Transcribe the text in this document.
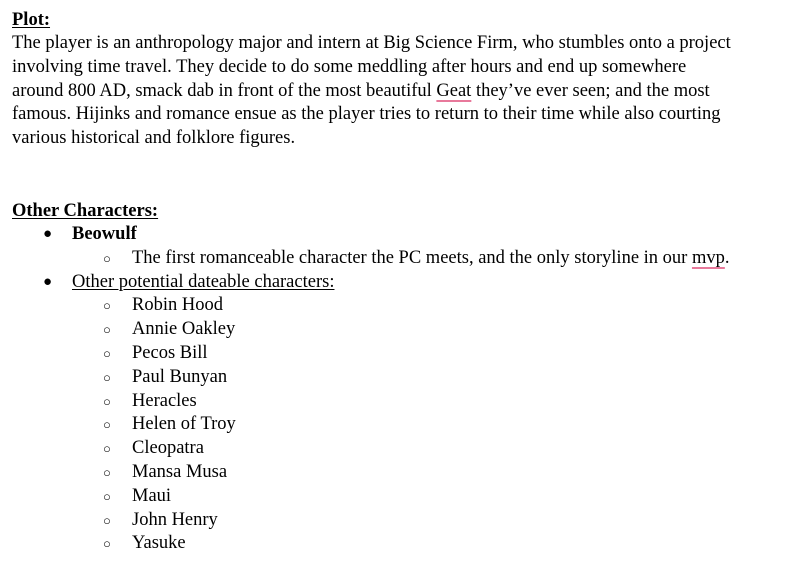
Plot:
The player is an anthropology major and intern at Big Science Firm, who stumbles onto a project
involving time travel. They decide to do some meddling after hours and end up somewhere
around 800 AD, smack dab in front of the most beautiful Geat they’ve ever seen; and the most
famous. Hijinks and romance ensue as the player tries to return to their time while also courting
various historical and folklore figures.
Other Characters:
● Beowulf
○ The first romanceable character the PC meets, and the only storyline in our mvp.
● Other potential dateable characters:
○ Robin Hood
○ Annie Oakley
○ Pecos Bill
○ Paul Bunyan
○ Heracles
○ Helen of Troy
○ Cleopatra
○ Mansa Musa
○ Maui
○ John Henry
○ Yasuke
